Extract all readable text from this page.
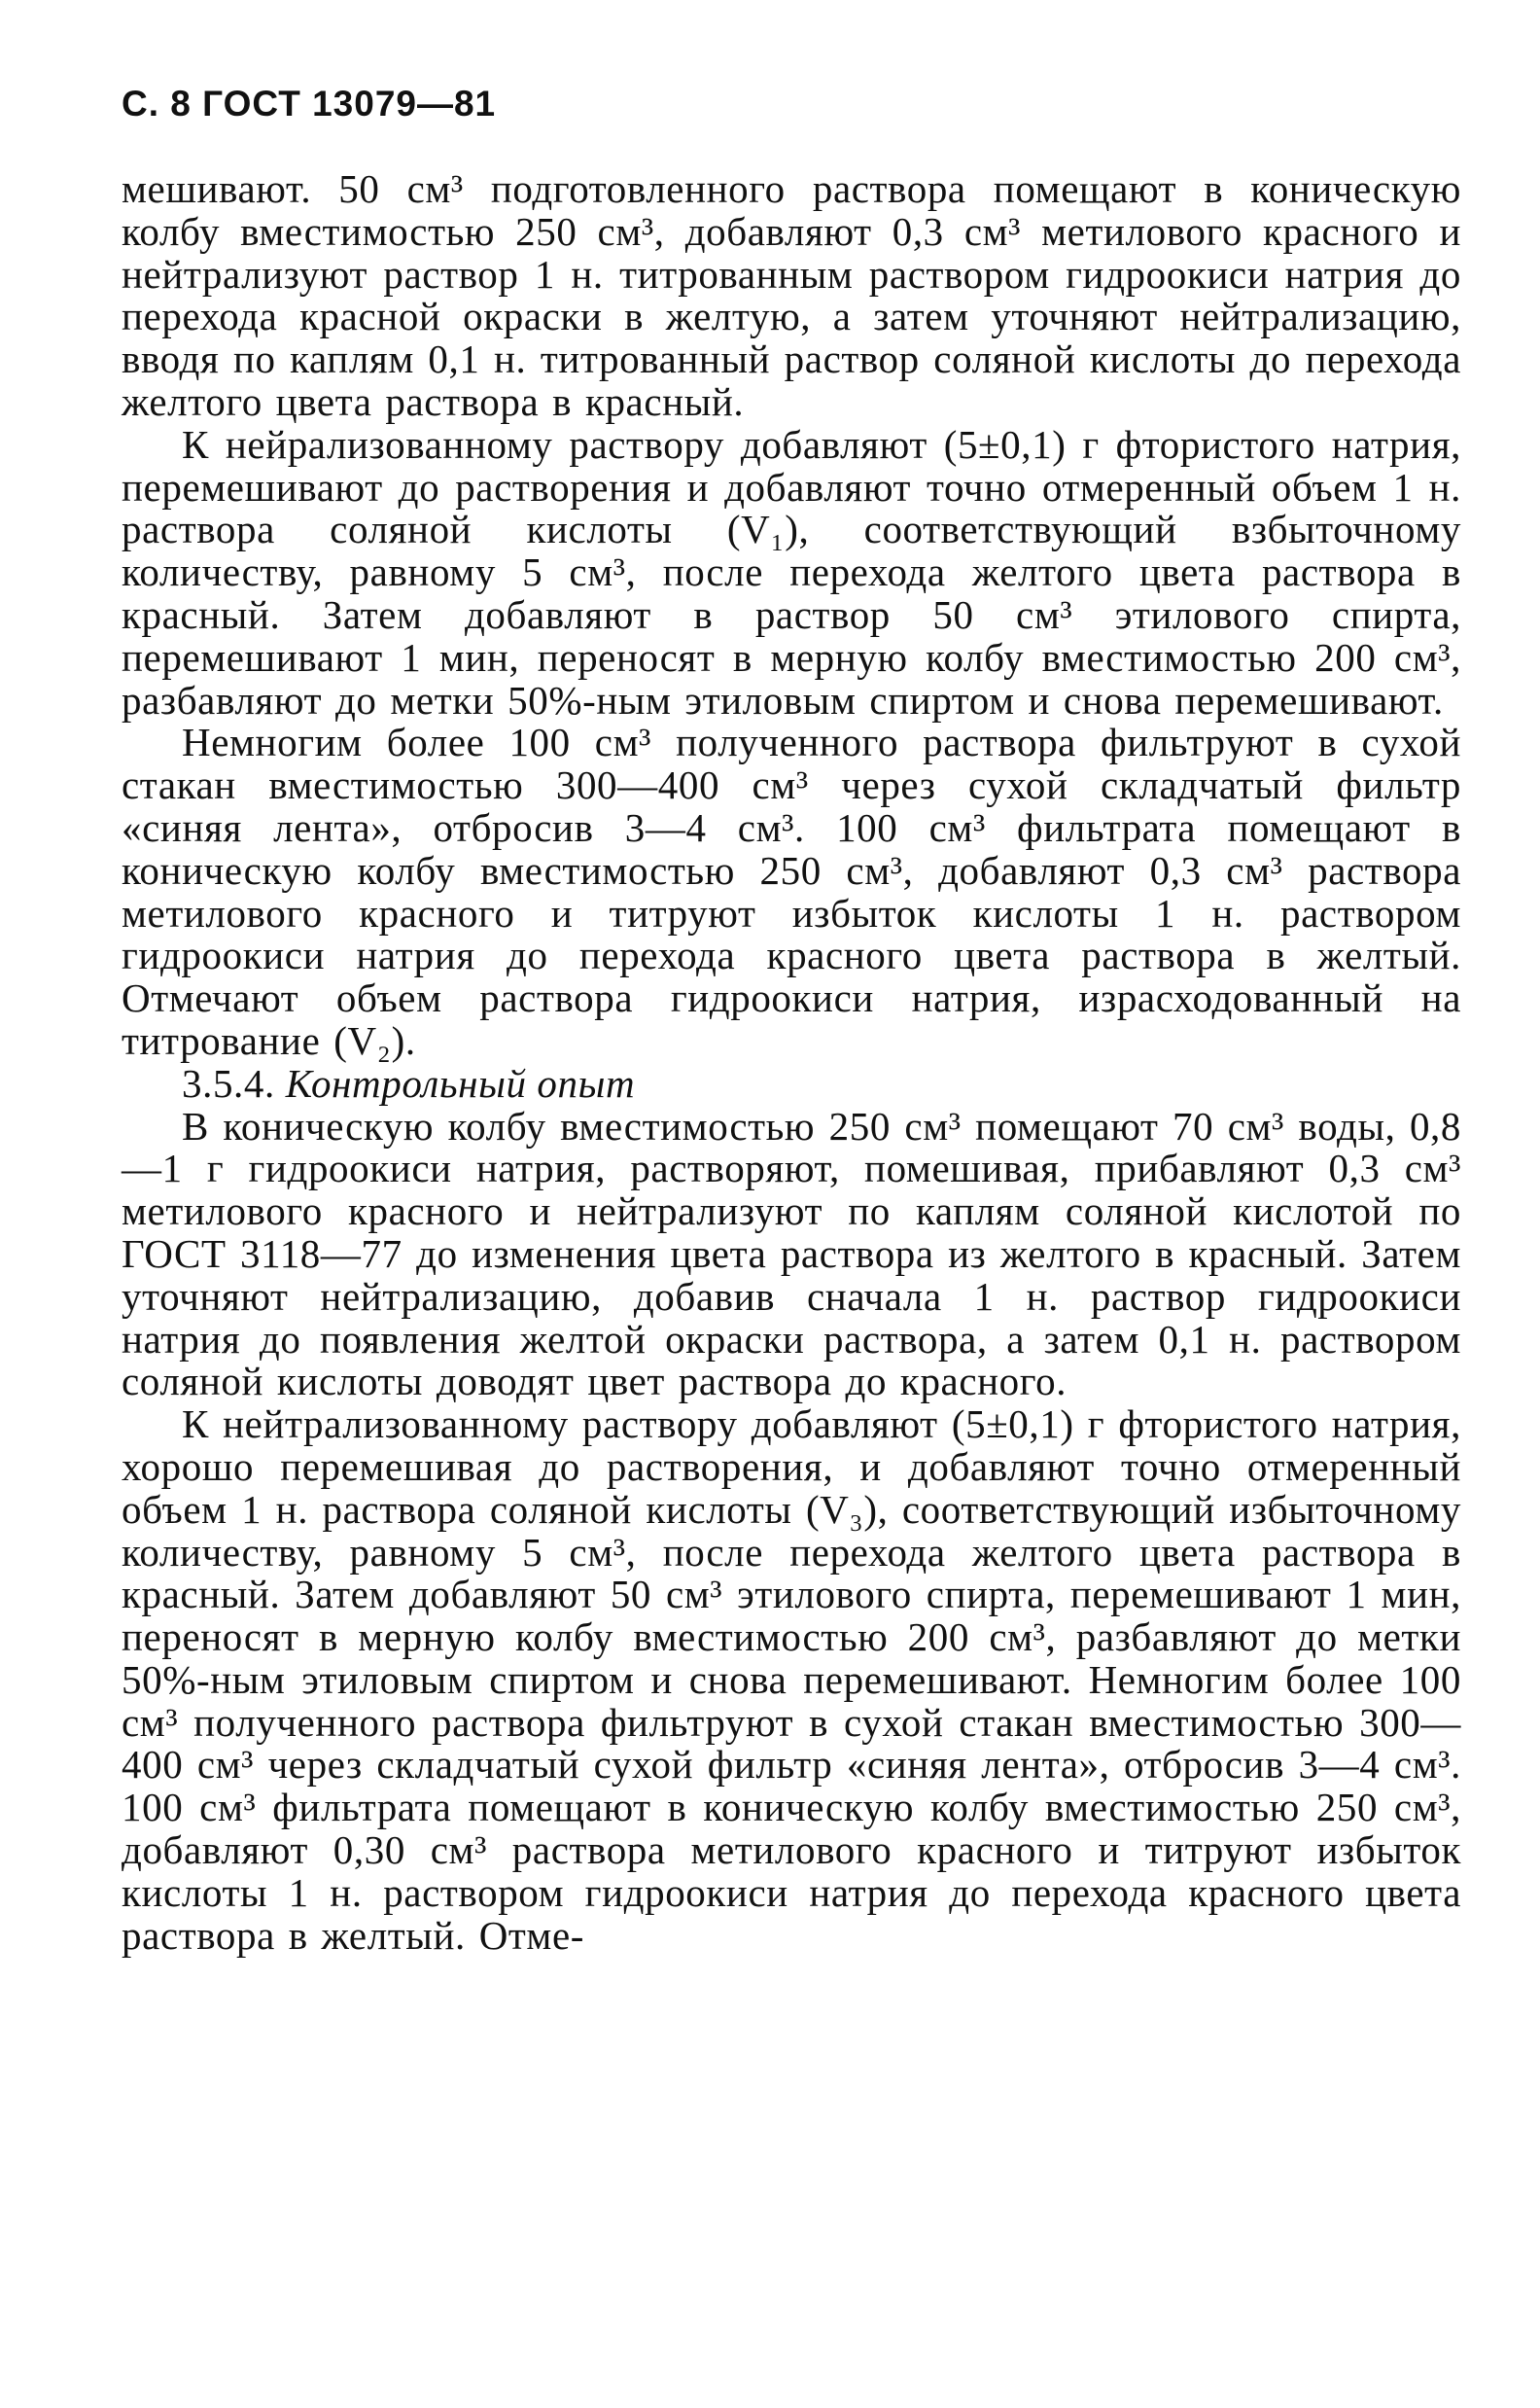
С. 8 ГОСТ 13079—81

мешивают. 50 см³ подготовленного раствора помещают в коническую колбу вместимостью 250 см³, добавляют 0,3 см³ метилового красного и нейтрализуют раствор 1 н. титрованным раствором гидроокиси натрия до перехода красной окраски в желтую, а затем уточняют нейтрализацию, вводя по каплям 0,1 н. титрованный раствор соляной кислоты до перехода желтого цвета раствора в красный.

К нейрализованному раствору добавляют (5±0,1) г фтористого натрия, перемешивают до растворения и добавляют точно отмеренный объем 1 н. раствора соляной кислоты (V₁), соответствующий взбыточному количеству, равному 5 см³, после перехода желтого цвета раствора в красный. Затем добавляют в раствор 50 см³ этилового спирта, перемешивают 1 мин, переносят в мерную колбу вместимостью 200 см³, разбавляют до метки 50%-ным этиловым спиртом и снова перемешивают.

Немногим более 100 см³ полученного раствора фильтруют в сухой стакан вместимостью 300—400 см³ через сухой складчатый фильтр «синяя лента», отбросив 3—4 см³. 100 см³ фильтрата помещают в коническую колбу вместимостью 250 см³, добавляют 0,3 см³ раствора метилового красного и титруют избыток кислоты 1 н. раствором гидроокиси натрия до перехода красного цвета раствора в желтый. Отмечают объем раствора гидроокиси натрия, израсходованный на титрование (V₂).

3.5.4. Контрольный опыт

В коническую колбу вместимостью 250 см³ помещают 70 см³ воды, 0,8—1 г гидроокиси натрия, растворяют, помешивая, прибавляют 0,3 см³ метилового красного и нейтрализуют по каплям соляной кислотой по ГОСТ 3118—77 до изменения цвета раствора из желтого в красный. Затем уточняют нейтрализацию, добавив сначала 1 н. раствор гидроокиси натрия до появления желтой окраски раствора, а затем 0,1 н. раствором соляной кислоты доводят цвет раствора до красного.

К нейтрализованному раствору добавляют (5±0,1) г фтористого натрия, хорошо перемешивая до растворения, и добавляют точно отмеренный объем 1 н. раствора соляной кислоты (V₃), соответствующий избыточному количеству, равному 5 см³, после перехода желтого цвета раствора в красный. Затем добавляют 50 см³ этилового спирта, перемешивают 1 мин, переносят в мерную колбу вместимостью 200 см³, разбавляют до метки 50%-ным этиловым спиртом и снова перемешивают. Немногим более 100 см³ полученного раствора фильтруют в сухой стакан вместимостью 300—400 см³ через складчатый сухой фильтр «синяя лента», отбросив 3—4 см³. 100 см³ фильтрата помещают в коническую колбу вместимостью 250 см³, добавляют 0,30 см³ раствора метилового красного и титруют избыток кислоты 1 н. раствором гидроокиси натрия до перехода красного цвета раствора в желтый. Отме-
